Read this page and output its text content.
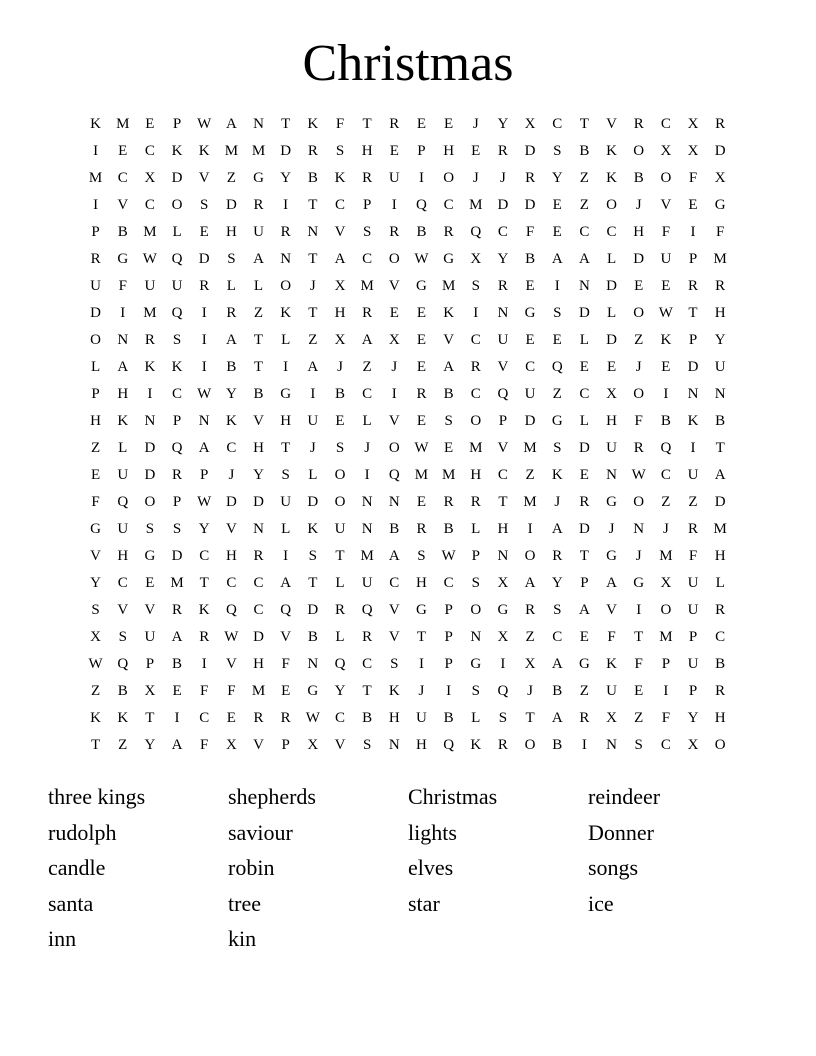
Christmas
K	M	E	P	W A	N	T	K	F	T	R	E	E	J	Y	X	C	T	V	R	C	X	R
I	E	C	K	K	M M	D	R	S	H	E	P	H	E	R	D	S	B	K	O	X	X	D
M	C	X	D	V	Z	G	Y	B	K	R	U	I	O	J	J	R	Y	Z	K	B	O	F	X
I	V	C	O	S	D	R	I	T	C	P	I	Q	C	M	D	D	E	Z	O	J	V	E	G
P	B	M	L	E	H	U	R	N	V	S	R	B	R	Q	C	F	E	C	C	H	F	I	F
R	G W Q	D	S	A	N	T	A	C	O W G	X	Y	B	A	A	L	D	U	P	M
U	F	U	U	R	L	L	O	J	X	M	V	G	M	S	R	E	I	N	D	E	E	R	R
D	I	M	Q	I	R	Z	K	T	H	R	E	E	K	I	N	G	S	D	L	O W	T	H
O	N	R	S	I	A	T	L	Z	X	A	X	E	V	C	U	E	E	L	D	Z	K	P	Y
L	A	K	K	I	B	T	I	A	J	Z	J	E	A	R	V	C	Q	E	E	J	E	D	U
P	H	I	C	W Y	B	G	I	B	C	I	R	B	C	Q	U	Z	C	X	O	I	N	N
H	K	N	P	N	K	V	H	U	E	L	V	E	S	O	P	D	G	L	H	F	B	K	B
Z	L	D	Q	A	C	H	T	J	S	J	O W	E	M	V	M	S	D	U	R	Q	I	T
E	U	D	R	P	J	Y	S	L	O	I	Q	M M	H	C	Z	K	E	N W	C	U	A
F	Q	O	P	W D	D	U	D	O	N	N	E	R	R	T	M	J	R	G	O	Z	Z	D
G	U	S	S	Y	V	N	L	K	U	N	B	R	B	L	H	I	A	D	J	N	J	R	M
V	H	G	D	C	H	R	I	S	T	M	A	S	W	P	N	O	R	T	G	J	M	F	H
Y	C	E	M	T	C	C	A	T	L	U	C	H	C	S	X	A	Y	P	A	G	X	U	L
S	V	V	R	K	Q	C	Q	D	R	Q	V	G	P	O	G	R	S	A	V	I	O	U	R
X	S	U	A	R	W D	V	B	L	R	V	T	P	N	X	Z	C	E	F	T	M	P	C
W Q	P	B	I	V	H	F	N	Q	C	S	I	P	G	I	X	A	G	K	F	P	U	B
Z	B	X	E	F	F	M	E	G	Y	T	K	J	I	S	Q	J	B	Z	U	E	I	P	R
K	K	T	I	C	E	R	R	W	C	B	H	U	B	L	S	T	A	R	X	Z	F	Y	H
T	Z	Y	A	F	X	V	P	X	V	S	N	H	Q	K	R	O	B	I	N	S	C	X	O
three kings	shepherds	Christmas	reindeer
rudolph	saviour	lights	Donner
candle	robin	elves	songs
santa	tree	star	ice
inn	kin
